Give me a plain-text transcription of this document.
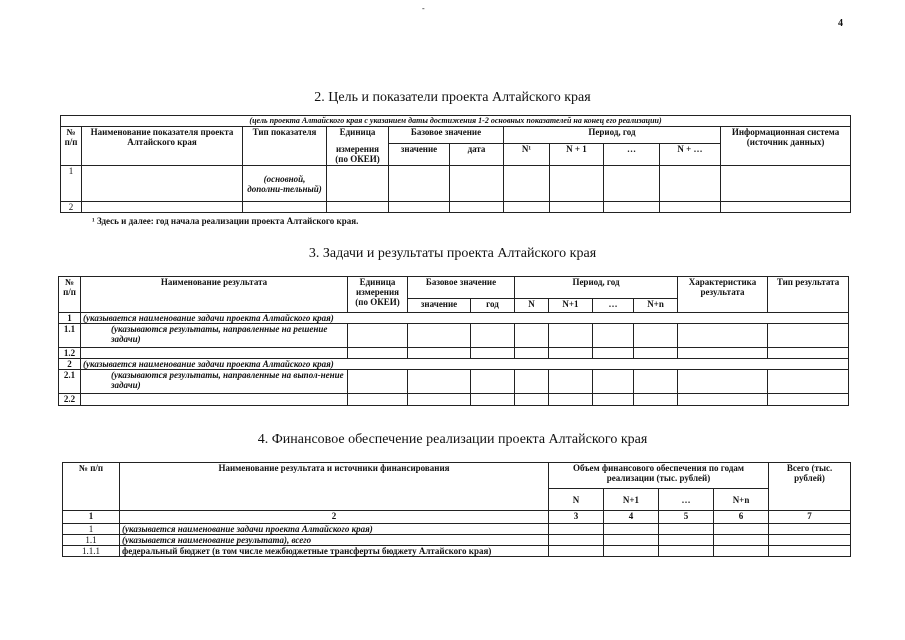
-
4
2. Цель и показатели проекта Алтайского края
(цель проекта Алтайского края с указанием даты достижения 1-2 основных показателей на конец его реализации)										
№ п/п	Наименование показателя проекта Алтайского края	Тип показателя	Единица	Базовое значение		Период, год				Информационная система (источник данных)
			измерения (по ОКЕИ)	значение	дата	N¹	N + 1	…	N + …	
1		(основной, дополни-тельный)								
2										
¹ Здесь и далее: год начала реализации проекта Алтайского края.
3. Задачи и результаты проекта Алтайского края
№ п/п	Наименование результата	Единица измерения (по ОКЕИ)	Базовое значение		Период, год				Характеристика результата	Тип результата
			значение	год	N	N+1	…	N+n		
1	(указывается наименование задачи проекта Алтайского края)									
1.1	(указываются результаты, направленные на решение задачи)									
1.2										
2	(указывается наименование задачи проекта Алтайского края)									
2.1	(указываются результаты, направленные на выпол-нение задачи)									
2.2										
4. Финансовое обеспечение реализации проекта Алтайского края
№ п/п	Наименование результата и источники финансирования	Объем финансового обеспечения по годам реализации (тыс. рублей)				Всего (тыс. рублей)
		N	N+1	…	N+n	
1	2	3	4	5	6	7
1	(указывается наименование задачи проекта Алтайского края)					
1.1	(указывается наименование результата), всего					
1.1.1	федеральный бюджет (в том числе межбюджетные трансферты бюджету Алтайского края)					
